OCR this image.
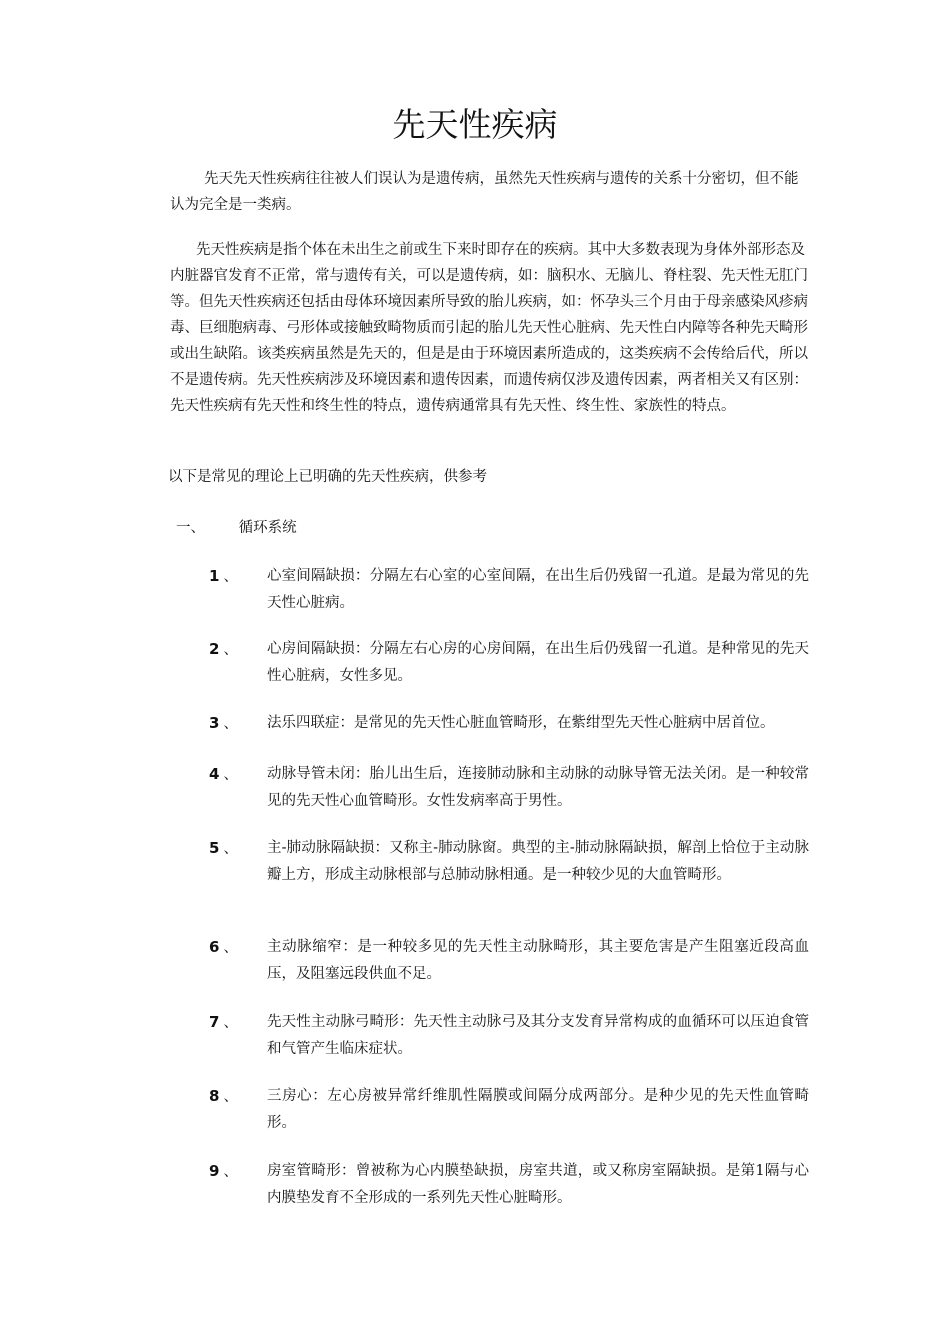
先天性疾病

先天先天性疾病往往被人们误认为是遗传病，虽然先天性疾病与遗传的关系十分密切，但不能认为完全是一类病。

先天性疾病是指个体在未出生之前或生下来时即存在的疾病。其中大多数表现为身体外部形态及内脏器官发育不正常，常与遗传有关，可以是遗传病，如：脑积水、无脑儿、脊柱裂、先天性无肛门等。但先天性疾病还包括由母体环境因素所导致的胎儿疾病，如：怀孕头三个月由于母亲感染风疹病毒、巨细胞病毒、弓形体或接触致畸物质而引起的胎儿先天性心脏病、先天性白内障等各种先天畸形或出生缺陷。该类疾病虽然是先天的，但是是由于环境因素所造成的，这类疾病不会传给后代，所以不是遗传病。先天性疾病涉及环境因素和遗传因素，而遗传病仅涉及遗传因素，两者相关又有区别： 先天性疾病有先天性和终生性的特点，遗传病通常具有先天性、终生性、家族性的特点。

以下是常见的理论上已明确的先天性疾病，供参考

一、 循环系统
1 、	心室间隔缺损：分隔左右心室的心室间隔，在出生后仍残留一孔道。是最为常见的先天性心脏病。
2 、	心房间隔缺损：分隔左右心房的心房间隔，在出生后仍残留一孔道。是种常见的先天性心脏病，女性多见。
3 、	法乐四联症：是常见的先天性心脏血管畸形，在紫绀型先天性心脏病中居首位。
4 、	动脉导管未闭：胎儿出生后，连接肺动脉和主动脉的动脉导管无法关闭。是一种较常见的先天性心血管畸形。女性发病率高于男性。
5 、	主-肺动脉隔缺损：又称主-肺动脉窗。典型的主-肺动脉隔缺损，解剖上恰位于主动脉瓣上方，形成主动脉根部与总肺动脉相通。是一种较少见的大血管畸形。
6 、	主动脉缩窄：是一种较多见的先天性主动脉畸形，其主要危害是产生阻塞近段高血压，及阻塞远段供血不足。
7 、	先天性主动脉弓畸形：先天性主动脉弓及其分支发育异常构成的血循环可以压迫食管和气管产生临床症状。
8 、	三房心：左心房被异常纤维肌性隔膜或间隔分成两部分。是种少见的先天性血管畸形。
9 、	房室管畸形：曾被称为心内膜垫缺损，房室共道，或又称房室隔缺损。是第1隔与心内膜垫发育不全形成的一系列先天性心脏畸形。
